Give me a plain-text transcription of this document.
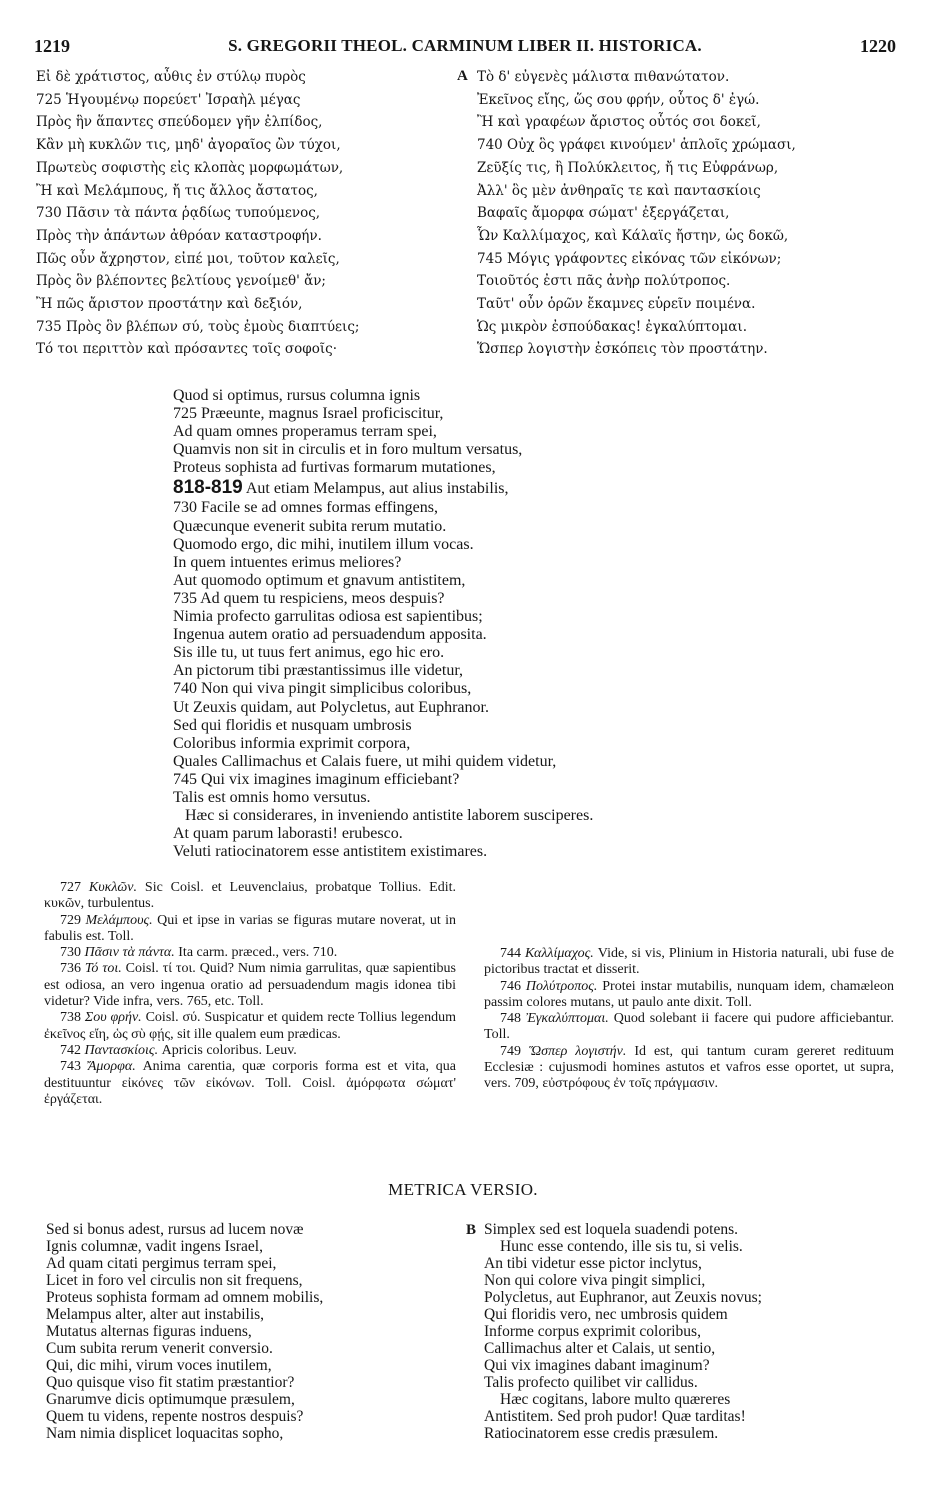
1219	S. GREGORII THEOL. CARMINUM LIBER II. HISTORICA.	1220
Εἰ δὲ χράτιστος, αὖθις ἐν στύλῳ πυρὸς
725 Ἡγουμένῳ πορεύετ' Ἰσραὴλ μέγας
Πρὸς ἣν ἅπαντες σπεύδομεν γῆν ἐλπίδος,
Κἂν μὴ κυκλῶν τις, μηδ' ἀγοραῖος ὢν τύχοι,
Πρωτεὺς σοφιστὴς εἰς κλοπὰς μορφωμάτων,
Ἢ καὶ Μελάμπους, ἤ τις ἄλλος ἄστατος,
730 Πᾶσιν τὰ πάντα ῥᾳδίως τυπούμενος,
Πρὸς τὴν ἁπάντων ἀθρόαν καταστροφήν.
Πῶς οὖν ἄχρηστον, εἰπέ μοι, τοῦτον καλεῖς,
Πρὸς ὃν βλέποντες βελτίους γενοίμεθ' ἄν;
Ἢ πῶς ἄριστον προστάτην καὶ δεξιόν,
735 Πρὸς ὃν βλέπων σύ, τοὺς ἐμοὺς διαπτύεις;
Τό τοι περιττὸν καὶ πρόσαντες τοῖς σοφοῖς·
A Τὸ δ' εὐγενὲς μάλιστα πιθανώτατον.
Ἐκεῖνος εἴης, ὥς σου φρήν, οὗτος δ' ἐγώ.
Ἢ καὶ γραφέων ἄριστος οὗτός σοι δοκεῖ,
740 Οὐχ ὃς γράφει κινούμεν' ἁπλοῖς χρώμασι,
Ζεῦξίς τις, ἢ Πολύκλειτος, ἤ τις Εὐφράνωρ,
Ἀλλ' ὃς μὲν ἀνθηραῖς τε καὶ παντασκίοις
Βαφαῖς ἄμορφα σώματ' ἐξεργάζεται,
Ὧν Καλλίμαχος, καὶ Κάλαϊς ἤστην, ὡς δοκῶ,
745 Μόγις γράφοντες εἰκόνας τῶν εἰκόνων;
Τοιοῦτός ἐστι πᾶς ἀνὴρ πολύτροπος.
Ταῦτ' οὖν ὁρῶν ἔκαμνες εὑρεῖν ποιμένα.
Ὡς μικρὸν ἐσπούδακας! ἐγκαλύπτομαι.
Ὥσπερ λογιστὴν ἐσκόπεις τὸν προστάτην.
Quod si optimus, rursus columna ignis
725 Præeunte, magnus Israel proficiscitur,
Ad quam omnes properamus terram spei,
Quamvis non sit in circulis et in foro multum versatus,
Proteus sophista ad furtivas formarum mutationes,
818-819 Aut etiam Melampus, aut alius instabilis,
730 Facile se ad omnes formas effingens,
Quæcunque evenerit subita rerum mutatio.
Quomodo ergo, dic mihi, inutilem illum vocas.
In quem intuentes erimus meliores?
Aut quomodo optimum et gnavum antistitem,
735 Ad quem tu respiciens, meos despuis?
Nimia profecto garrulitas odiosa est sapientibus;
Ingenua autem oratio ad persuadendum apposita.
Sis ille tu, ut tuus fert animus, ego hic ero.
An pictorum tibi præstantissimus ille videtur,
740 Non qui viva pingit simplicibus coloribus,
Ut Zeuxis quidam, aut Polycletus, aut Euphranor.
Sed qui floridis et nusquam umbrosis
Coloribus informia exprimit corpora,
Quales Callimachus et Calais fuere, ut mihi quidem videtur,
745 Qui vix imagines imaginum efficiebant?
Talis est omnis homo versutus.
Hæc si considerares, in inveniendo antistite laborem susciperes.
At quam parum laborasti! erubesco.
Veluti ratiocinatorem esse antistitem existimares.

727 Κυκλῶν. Sic Coisl. et Leuvenclaius, probatque Tollius. Edit. κυκῶν, turbulentus.

729 Μελάμπους. Qui et ipse in varias se figuras mutare noverat, ut in fabulis est. Toll.

730 Πᾶσιν τὰ πάντα. Ita carm. præced., vers. 710.

736 Τό τοι. Coisl. τί τοι. Quid? Num nimia garrulitas, quæ sapientibus est odiosa, an vero ingenua oratio ad persuadendum magis idonea tibi videtur? Vide infra, vers. 765, etc. Toll.

738 Σου φρήν. Coisl. σύ. Suspicatur et quidem recte Tollius legendum ἐκεῖνος εἴη, ὡς σὺ φῄς, sit ille qualem eum prædicas.

742 Παντασκίοις. Apricis coloribus. Leuv.

743 Ἄμορφα. Anima carentia, quæ corporis forma est et vita, qua destituuntur εἰκόνες τῶν εἰκόνων. Toll. Coisl. ἀμόρφωτα σώματ' ἐργάζεται.

744 Καλλίμαχος. Vide, si vis, Plinium in Historia naturali, ubi fuse de pictoribus tractat et disserit.

746 Πολύτροπος. Protei instar mutabilis, nunquam idem, chamæleon passim colores mutans, ut paulo ante dixit. Toll.

748 Ἐγκαλύπτομαι. Quod solebant ii facere qui pudore afficiebantur. Toll.

749 Ὥσπερ λογιστήν. Id est, qui tantum curam gereret redituum Ecclesiæ : cujusmodi homines astutos et vafros esse oportet, ut supra, vers. 709, εὐστρόφους ἐν τοῖς πράγμασιν.

METRICA VERSIO.
Sed si bonus adest, rursus ad lucem novæ
Ignis columnæ, vadit ingens Israel,
Ad quam citati pergimus terram spei,
Licet in foro vel circulis non sit frequens,
Proteus sophista formam ad omnem mobilis,
Melampus alter, alter aut instabilis,
Mutatus alternas figuras induens,
Cum subita rerum venerit conversio.
Qui, dic mihi, virum voces inutilem,
Quo quisque viso fit statim præstantior?
Gnarumve dicis optimumque præsulem,
Quem tu videns, repente nostros despuis?
Nam nimia displicet loquacitas sopho,
B Simplex sed est loquela suadendi potens.
Hunc esse contendo, ille sis tu, si velis.
An tibi videtur esse pictor inclytus,
Non qui colore viva pingit simplici,
Polycletus, aut Euphranor, aut Zeuxis novus;
Qui floridis vero, nec umbrosis quidem
Informe corpus exprimit coloribus,
Callimachus alter et Calais, ut sentio,
Qui vix imagines dabant imaginum?
Talis profecto quilibet vir callidus.
Hæc cogitans, labore multo quæreres
Antistitem. Sed proh pudor! Quæ tarditas!
Ratiocinatorem esse credis præsulem.
